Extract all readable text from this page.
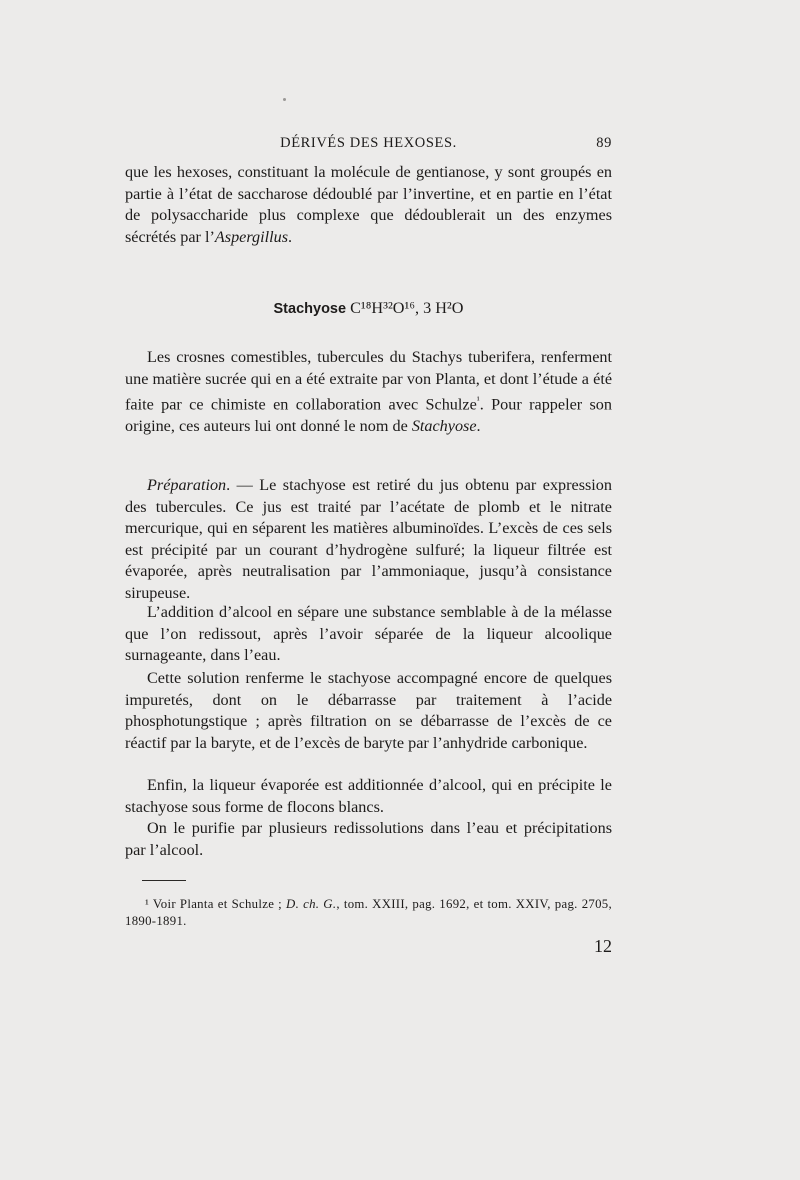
DÉRIVÉS DES HEXOSES.	89

que les hexoses, constituant la molécule de gentianose, y sont groupés en partie à l’état de saccharose dédoublé par l’invertine, et en partie en l’état de polysaccharide plus complexe que dédoublerait un des enzymes sécrétés par l’Aspergillus.

Stachyose C¹⁸H³²O¹⁶, 3 H²O

Les crosnes comestibles, tubercules du Stachys tuberifera, renferment une matière sucrée qui en a été extraite par von Planta, et dont l’étude a été faite par ce chimiste en collaboration avec Schulze$^{^1}$. Pour rappeler son origine, ces auteurs lui ont donné le nom de Stachyose.

Préparation. — Le stachyose est retiré du jus obtenu par expression des tubercules. Ce jus est traité par l’acétate de plomb et le nitrate mercurique, qui en séparent les matières albuminoïdes. L’excès de ces sels est précipité par un courant d’hydrogène sulfuré; la liqueur filtrée est évaporée, après neutralisation par l’ammoniaque, jusqu’à consistance sirupeuse.

L’addition d’alcool en sépare une substance semblable à de la mélasse que l’on redissout, après l’avoir séparée de la liqueur alcoolique surnageante, dans l’eau.

Cette solution renferme le stachyose accompagné encore de quelques impuretés, dont on le débarrasse par traitement à l’acide phosphotungstique ; après filtration on se débarrasse de l’excès de ce réactif par la baryte, et de l’excès de baryte par l’anhydride carbonique.

Enfin, la liqueur évaporée est additionnée d’alcool, qui en précipite le stachyose sous forme de flocons blancs.

On le purifie par plusieurs redissolutions dans l’eau et précipitations par l’alcool.

¹ Voir Planta et Schulze ; D. ch. G., tom. XXIII, pag. 1692, et tom. XXIV, pag. 2705, 1890-1891.

12
